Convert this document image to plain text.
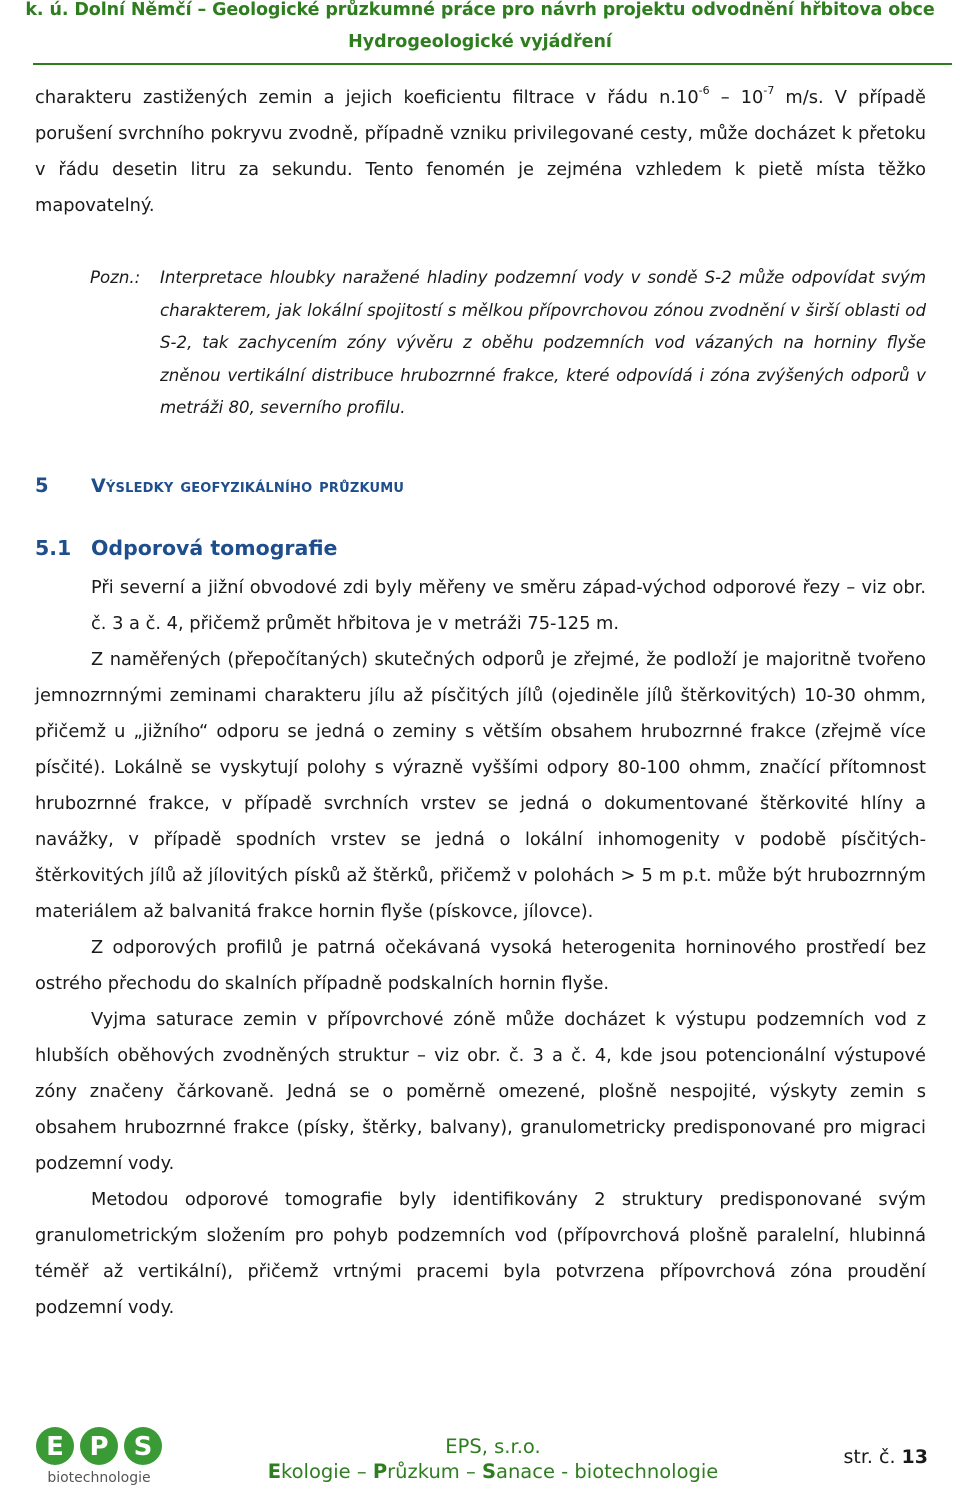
k. ú. Dolní Němčí – Geologické průzkumné práce pro návrh projektu odvodnění hřbitova obce
Hydrogeologické vyjádření

charakteru zastižených zemin a jejich koeficientu filtrace v řádu $n.10^{-6} - 10^{-7}$ m/s. V případě porušení svrchního pokryvu zvodně, případně vzniku privilegované cesty, může docházet k přetoku v řádu desetin litru za sekundu. Tento fenomén je zejména vzhledem k pietě místa těžko mapovatelný.

Pozn.:	Interpretace hloubky naražené hladiny podzemní vody v sondě S-2 může odpovídat svým charakterem, jak lokální spojitostí s mělkou přípovrchovou zónou zvodnění v širší oblasti od S-2, tak zachycením zóny vývěru z oběhu podzemních vod vázaných na horniny flyše zněnou vertikální distribuce hrubozrnné frakce, které odpovídá i zóna zvýšených odporů v metráži 80, severního profilu.
5 Výsledky geofyzikálního průzkumu
5.1 Odporová tomografie

Při severní a jižní obvodové zdi byly měřeny ve směru západ-východ odporové řezy – viz obr. č. 3 a č. 4, přičemž průmět hřbitova je v metráži 75-125 m.

Z naměřených (přepočítaných) skutečných odporů je zřejmé, že podloží je majoritně tvořeno jemnozrnnými zeminami charakteru jílu až písčitých jílů (ojediněle jílů štěrkovitých) 10-30 ohmm, přičemž u „jižního“ odporu se jedná o zeminy s větším obsahem hrubozrnné frakce (zřejmě více písčité). Lokálně se vyskytují polohy s výrazně vyššími odpory 80-100 ohmm, značící přítomnost hrubozrnné frakce, v případě svrchních vrstev se jedná o dokumentované štěrkovité hlíny a navážky, v případě spodních vrstev se jedná o lokální inhomogenity v podobě písčitých-štěrkovitých jílů až jílovitých písků až štěrků, přičemž v polohách > 5 m p.t. může být hrubozrnným materiálem až balvanitá frakce hornin flyše (pískovce, jílovce).

Z odporových profilů je patrná očekávaná vysoká heterogenita horninového prostředí bez ostrého přechodu do skalních případně podskalních hornin flyše.

Vyjma saturace zemin v přípovrchové zóně může docházet k výstupu podzemních vod z hlubších oběhových zvodněných struktur – viz obr. č. 3 a č. 4, kde jsou potencionální výstupové zóny značeny čárkovaně. Jedná se o poměrně omezené, plošně nespojité, výskyty zemin s obsahem hrubozrnné frakce (písky, štěrky, balvany), granulometricky predisponované pro migraci podzemní vody.

Metodou odporové tomografie byly identifikovány 2 struktury predisponované svým granulometrickým složením pro pohyb podzemních vod (přípovrchová plošně paralelní, hlubinná téměř až vertikální), přičemž vrtnými pracemi byla potvrzena přípovrchová zóna proudění podzemní vody.

E P S
biotechnologie
EPS, s.r.o.
Ekologie – Průzkum – Sanace - biotechnologie
str. č. 13
